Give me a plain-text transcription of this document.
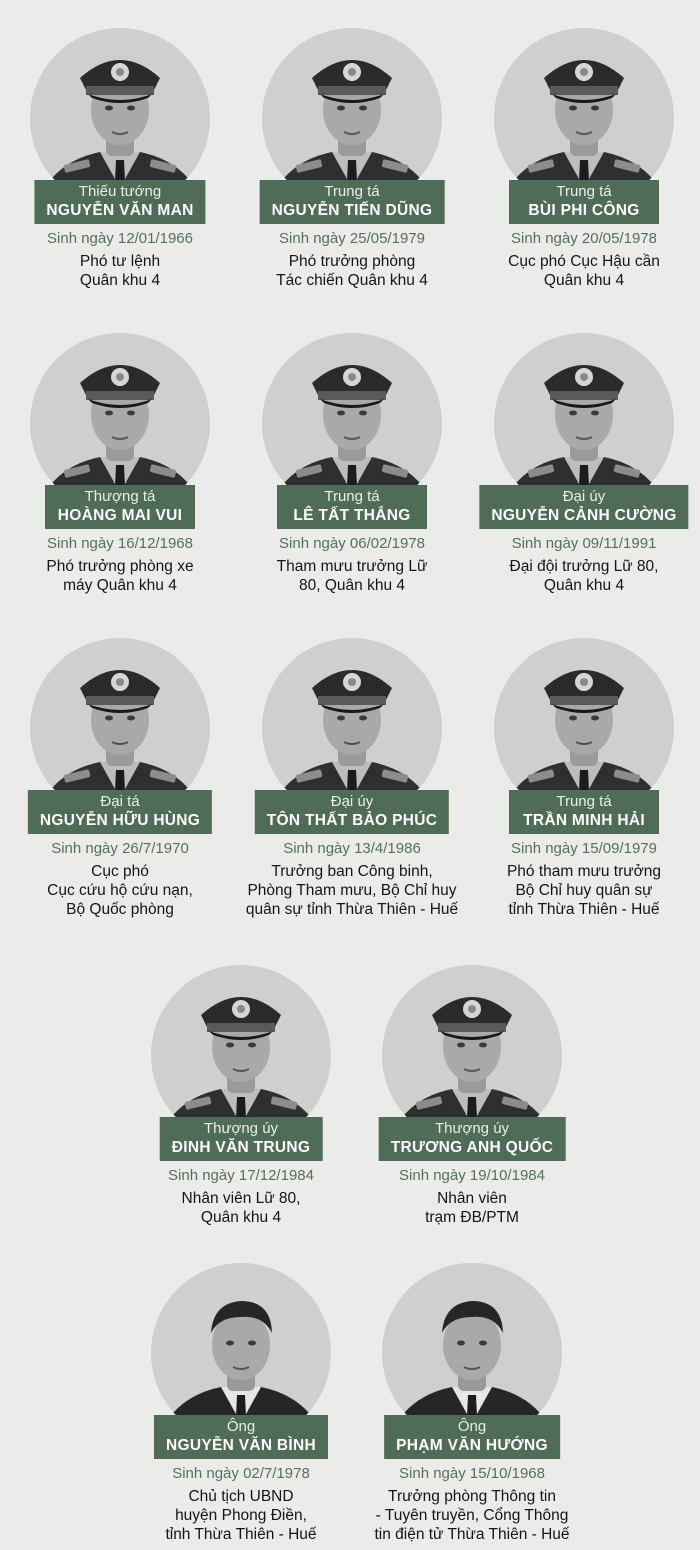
Thiếu tướng
NGUYỄN VĂN MAN
Sinh ngày 12/01/1966
Phó tư lệnh
Quân khu 4
Trung tá
NGUYỄN TIẾN DŨNG
Sinh ngày 25/05/1979
Phó trưởng phòng
Tác chiến Quân khu 4
Trung tá
BÙI PHI CÔNG
Sinh ngày 20/05/1978
Cục phó Cục Hậu cần
Quân khu 4
Thượng tá
HOÀNG MAI VUI
Sinh ngày 16/12/1968
Phó trưởng phòng xe
máy Quân khu 4
Trung tá
LÊ TẤT THẮNG
Sinh ngày 06/02/1978
Tham mưu trưởng Lữ
80, Quân khu 4
Đại úy
NGUYỄN CẢNH CƯỜNG
Sinh ngày 09/11/1991
Đại đội trưởng Lữ 80,
Quân khu 4
Đại tá
NGUYỄN HỮU HÙNG
Sinh ngày 26/7/1970
Cục phó
Cục cứu hộ cứu nạn,
Bộ Quốc phòng
Đại úy
TÔN THẤT BẢO PHÚC
Sinh ngày 13/4/1986
Trưởng ban Công binh,
Phòng Tham mưu, Bộ Chỉ huy
quân sự tỉnh Thừa Thiên - Huế
Trung tá
TRẦN MINH HẢI
Sinh ngày 15/09/1979
Phó tham mưu trưởng
Bộ Chỉ huy quân sự
tỉnh Thừa Thiên - Huế
Thượng úy
ĐINH VĂN TRUNG
Sinh ngày 17/12/1984
Nhân viên Lữ 80,
Quân khu 4
Thượng úy
TRƯƠNG ANH QUỐC
Sinh ngày 19/10/1984
Nhân viên
trạm ĐB/PTM
Ông
NGUYỄN VĂN BÌNH
Sinh ngày 02/7/1978
Chủ tịch UBND
huyện Phong Điền,
tỉnh Thừa Thiên - Huế
Ông
PHẠM VĂN HƯỚNG
Sinh ngày 15/10/1968
Trưởng phòng Thông tin
- Tuyên truyền, Cổng Thông
tin điện tử Thừa Thiên - Huế
